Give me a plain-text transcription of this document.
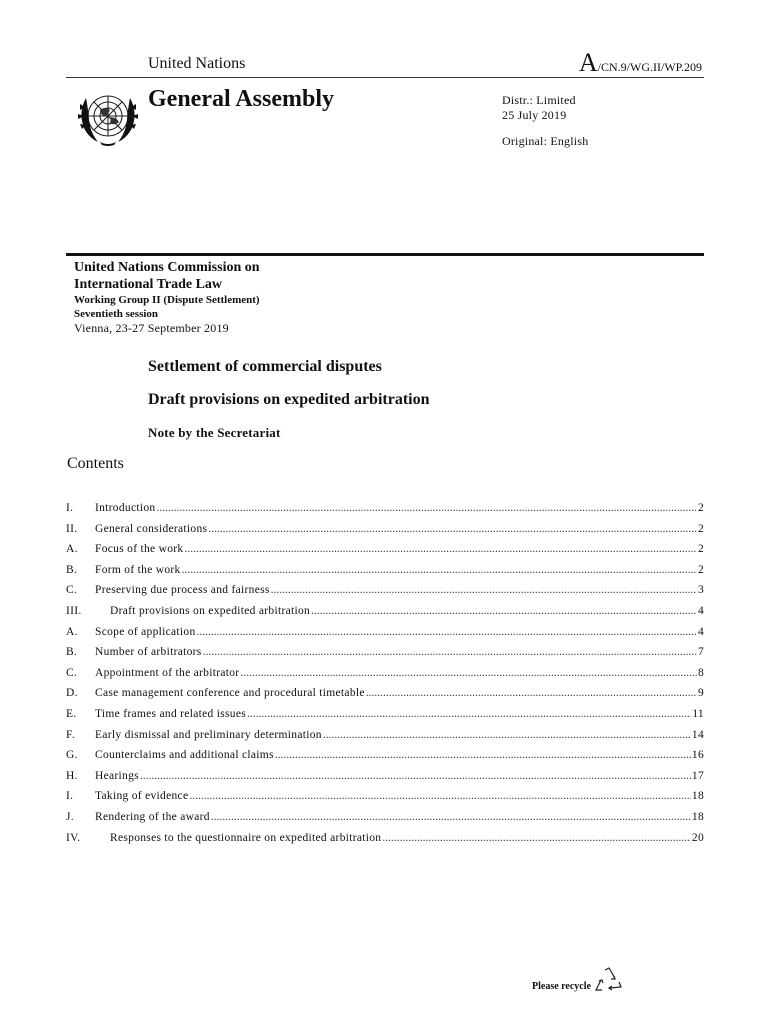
United Nations	A/CN.9/WG.II/WP.209
General Assembly	Distr.: Limited
25 July 2019
Original: English
United Nations Commission on
International Trade Law
Working Group II (Dispute Settlement)
Seventieth session
Vienna, 23-27 September 2019
Settlement of commercial disputes
Draft provisions on expedited arbitration
Note by the Secretariat
Contents
I.	Introduction .....	2
II.	General considerations .....	2
A.	Focus of the work .....	2
B.	Form of the work .....	2
C.	Preserving due process and fairness .....	3
III.	Draft provisions on expedited arbitration .....	4
A.	Scope of application .....	4
B.	Number of arbitrators .....	7
C.	Appointment of the arbitrator .....	8
D.	Case management conference and procedural timetable .....	9
E.	Time frames and related issues .....	11
F.	Early dismissal and preliminary determination .....	14
G.	Counterclaims and additional claims .....	16
H.	Hearings .....	17
I.	Taking of evidence .....	18
J.	Rendering of the award .....	18
IV.	Responses to the questionnaire on expedited arbitration .....	20
Please recycle
